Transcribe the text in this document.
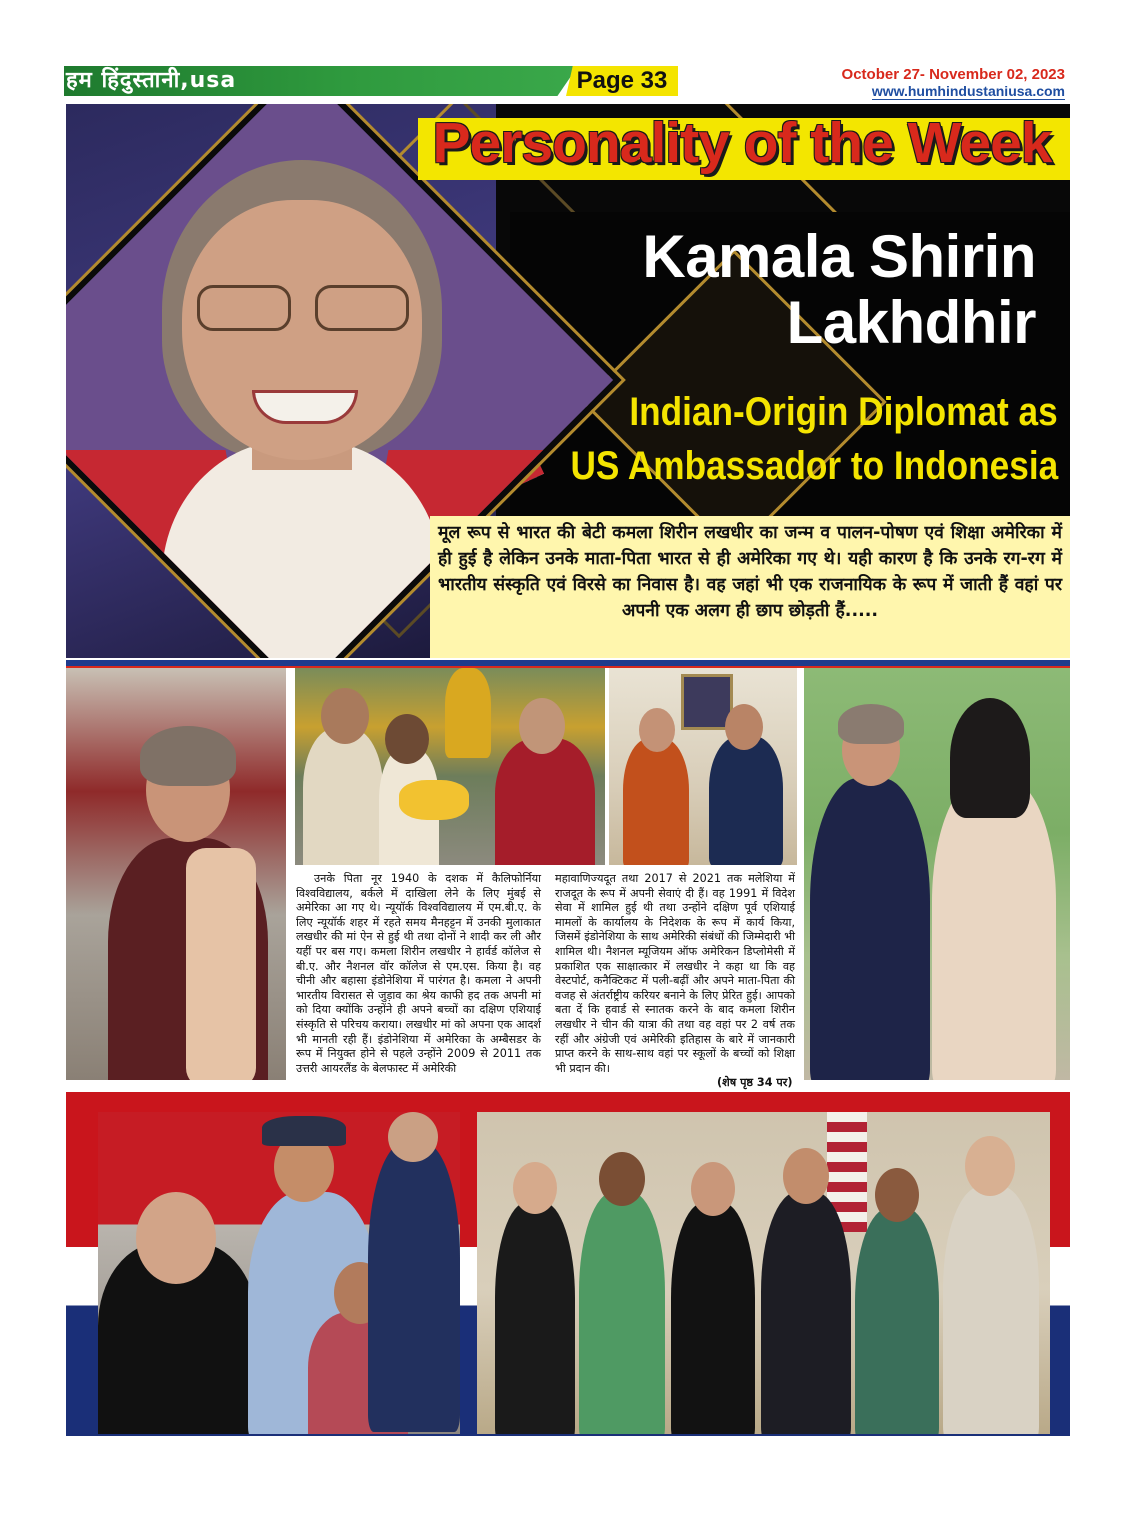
हम हिंदुस्तानी,usa	Page 33	October 27- November 02, 2023
www.humhindustaniusa.com
Personality of the Week
Kamala Shirin
Lakhdhir
Indian-Origin Diplomat as
US Ambassador to Indonesia
मूल रूप से भारत की बेटी कमला शिरीन लखधीर का जन्म व पालन-पोषण एवं शिक्षा अमेरिका में ही हुई है लेकिन उनके माता-पिता भारत से ही अमेरिका गए थे। यही कारण है कि उनके रग-रग में भारतीय संस्कृति एवं विरसे का निवास है। वह जहां भी एक राजनायिक के रूप में जाती हैं वहां पर अपनी एक अलग ही छाप छोड़ती हैं.....
उनके पिता नूर 1940 के दशक में कैलिफोर्निया विश्वविद्यालय, बर्कले में दाखिला लेने के लिए मुंबई से अमेरिका आ गए थे। न्यूयॉर्क विश्वविद्यालय में एम.बी.ए. के लिए न्यूयॉर्क शहर में रहते समय मैनहट्टन में उनकी मुलाकात लखधीर की मां ऐन से हुई थी तथा दोनों ने शादी कर ली और यहीं पर बस गए। कमला शिरीन लखधीर ने हार्वर्ड कॉलेज से बी.ए. और नैशनल वॉर कॉलेज से एम.एस. किया है। वह चीनी और बहासा इंडोनेशिया में पारंगत है। कमला ने अपनी भारतीय विरासत से जुड़ाव का श्रेय काफी हद तक अपनी मां को दिया क्योंकि उन्होंने ही अपने बच्चों का दक्षिण एशियाई संस्कृति से परिचय कराया। लखधीर मां को अपना एक आदर्श भी मानती रही हैं। इंडोनेशिया में अमेरिका के अम्बैसडर के रूप में नियुक्त होने से पहले उन्होंने 2009 से 2011 तक उत्तरी आयरलैंड के बेलफास्ट में अमेरिकी
महावाणिज्यदूत तथा 2017 से 2021 तक मलेशिया में राजदूत के रूप में अपनी सेवाएं दी हैं। वह 1991 में विदेश सेवा में शामिल हुई थी तथा उन्होंने दक्षिण पूर्व एशियाई मामलों के कार्यालय के निदेशक के रूप में कार्य किया, जिसमें इंडोनेशिया के साथ अमेरिकी संबंधों की जिम्मेदारी भी शामिल थी। नैशनल म्यूजियम ऑफ अमेरिकन डिप्लोमेसी में प्रकाशित एक साक्षात्कार में लखधीर ने कहा था कि वह वेस्टपोर्ट, कनैक्टिकट में पली-बढ़ीं और अपने माता-पिता की वजह से अंतर्राष्ट्रीय करियर बनाने के लिए प्रेरित हुई। आपको बता दें कि हवार्ड से स्नातक करने के बाद कमला शिरीन लखधीर ने चीन की यात्रा की तथा वह वहां पर 2 वर्ष तक रहीं और अंग्रेजी एवं अमेरिकी इतिहास के बारे में जानकारी प्राप्त करने के साथ-साथ वहां पर स्कूलों के बच्चों को शिक्षा भी प्रदान की।
(शेष पृष्ठ 34 पर)
